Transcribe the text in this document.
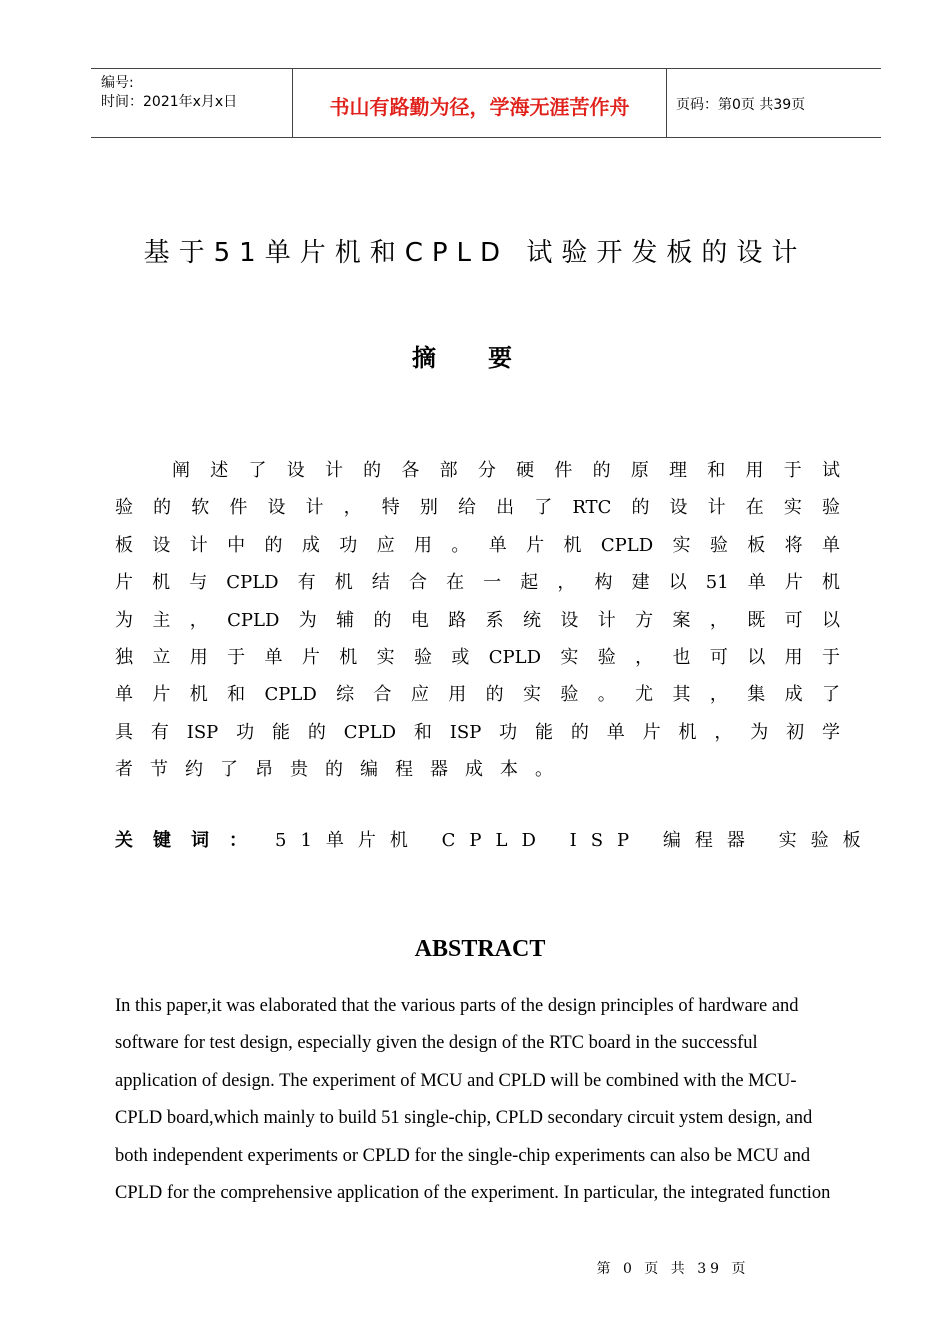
编号:
时间：2021年x月x日	书山有路勤为径，学海无涯苦作舟	页码：第0页 共39页
基于51单片机和CPLD 试验开发板的设计
摘要
阐述了设计的各部分硬件的原理和用于试
验的软件设计，特别给出了RTC的设计在实验
板设计中的成功应用。单片机CPLD实验板将单
片机与CPLD有机结合在一起，构建以51单片机
为主，CPLD为辅的电路系统设计方案，既可以
独立用于单片机实验或CPLD实验，也可以用于
单片机和CPLD综合应用的实验。尤其，集成了
具有ISP功能的CPLD和ISP功能的单片机，为初学
者节约了昂贵的编程器成本。
关键词： 51单片机 CPLD ISP 编程器 实验板
ABSTRACT
In this paper,it was elaborated that the various parts of the design principles of hardware and
software for test design, especially given the design of the RTC board in the successful
application of design. The experiment of MCU and CPLD will be combined with the MCU-
CPLD board,which mainly to build 51 single-chip, CPLD secondary circuit ystem design, and
both independent experiments or CPLD for the single-chip experiments can also be MCU and
CPLD for the comprehensive application of the experiment. In particular, the integrated function
第 0 页 共 39 页
